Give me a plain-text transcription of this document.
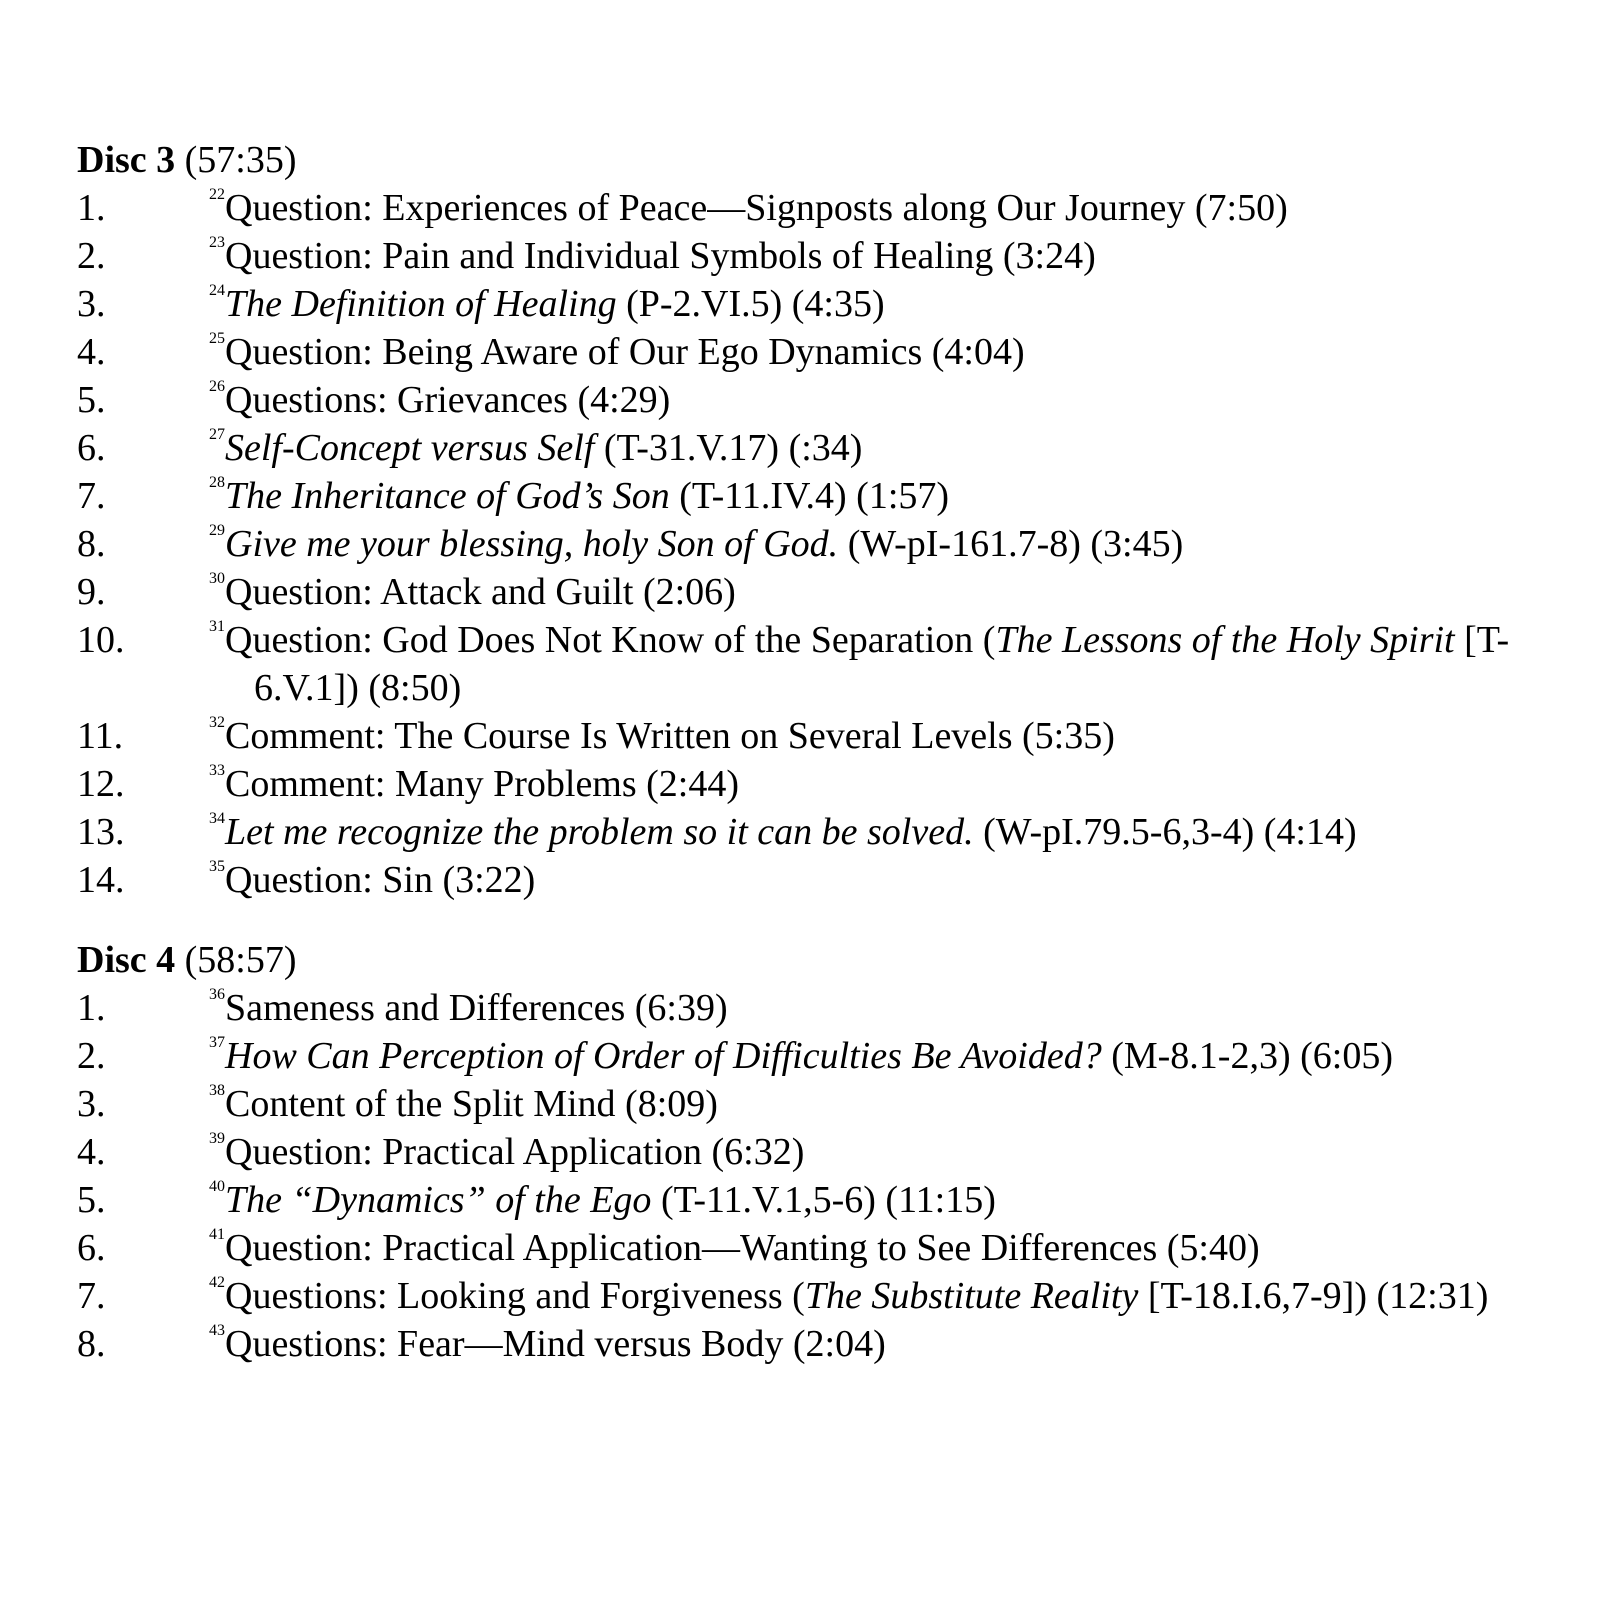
Disc 3 (57:35)
1.	22Question: Experiences of Peace—Signposts along Our Journey (7:50)
2.	23Question: Pain and Individual Symbols of Healing (3:24)
3.	24The Definition of Healing (P-2.VI.5) (4:35)
4.	25Question: Being Aware of Our Ego Dynamics (4:04)
5.	26Questions: Grievances (4:29)
6.	27Self-Concept versus Self (T-31.V.17) (:34)
7.	28The Inheritance of God’s Son (T-11.IV.4) (1:57)
8.	29Give me your blessing, holy Son of God. (W-pI-161.7-8) (3:45)
9.	30Question: Attack and Guilt (2:06)
10.	31Question: God Does Not Know of the Separation (The Lessons of the Holy Spirit [T-6.V.1]) (8:50)
11.	32Comment: The Course Is Written on Several Levels (5:35)
12.	33Comment: Many Problems (2:44)
13.	34Let me recognize the problem so it can be solved. (W-pI.79.5-6,3-4) (4:14)
14.	35Question: Sin (3:22)
Disc 4 (58:57)
1.	36Sameness and Differences (6:39)
2.	37How Can Perception of Order of Difficulties Be Avoided? (M-8.1-2,3) (6:05)
3.	38Content of the Split Mind (8:09)
4.	39Question: Practical Application (6:32)
5.	40The “Dynamics” of the Ego (T-11.V.1,5-6) (11:15)
6.	41Question: Practical Application—Wanting to See Differences (5:40)
7.	42Questions: Looking and Forgiveness (The Substitute Reality [T-18.I.6,7-9]) (12:31)
8.	43Questions: Fear—Mind versus Body (2:04)
